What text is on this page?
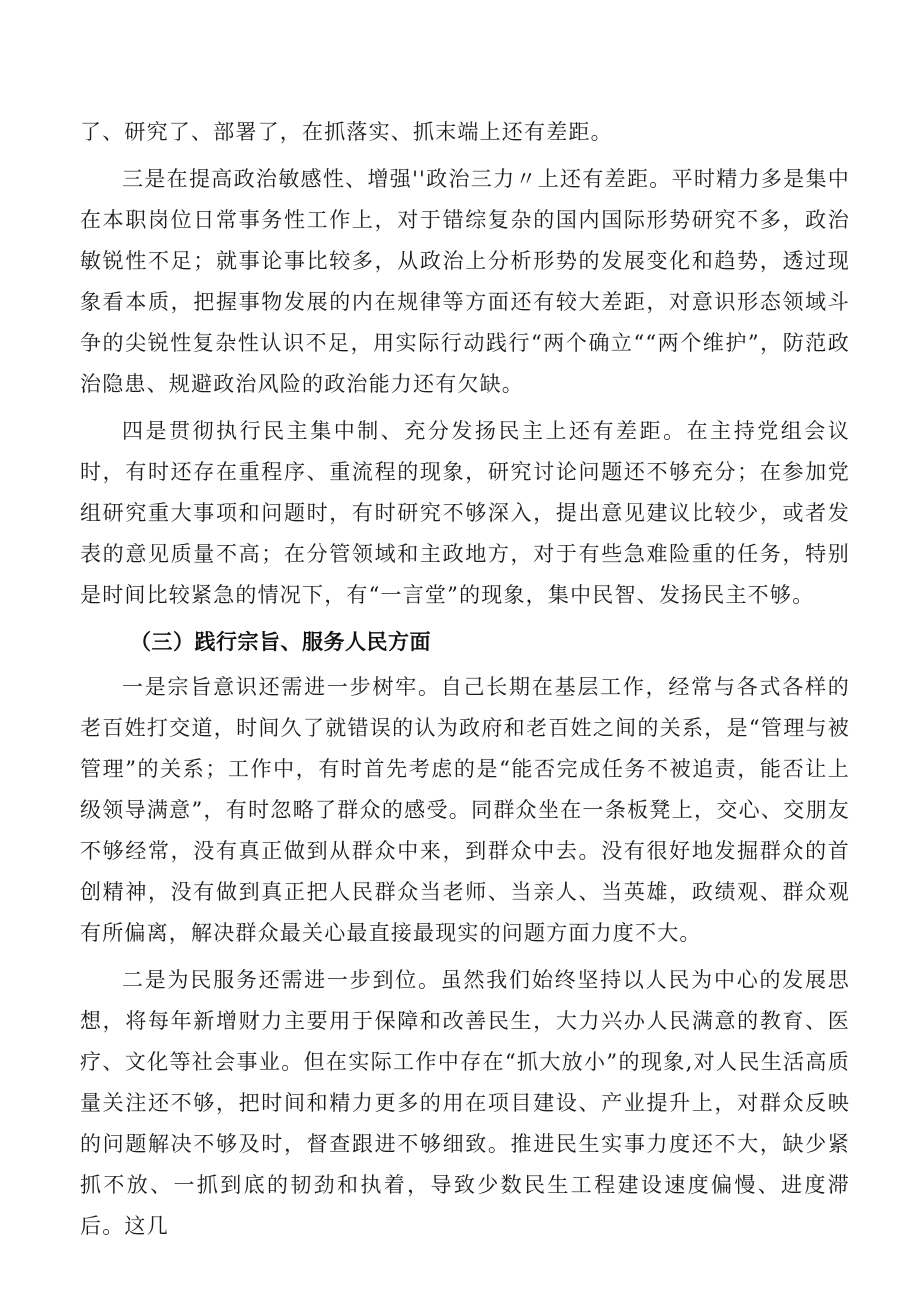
了、研究了、部署了，在抓落实、抓末端上还有差距。

三是在提高政治敏感性、增强''政治三力〃上还有差距。平时精力多是集中在本职岗位日常事务性工作上，对于错综复杂的国内国际形势研究不多，政治敏锐性不足；就事论事比较多，从政治上分析形势的发展变化和趋势，透过现象看本质，把握事物发展的内在规律等方面还有较大差距，对意识形态领域斗争的尖锐性复杂性认识不足，用实际行动践行“两个确立““两个维护”，防范政治隐患、规避政治风险的政治能力还有欠缺。

四是贯彻执行民主集中制、充分发扬民主上还有差距。在主持党组会议时，有时还存在重程序、重流程的现象，研究讨论问题还不够充分；在参加党组研究重大事项和问题时，有时研究不够深入，提出意见建议比较少，或者发表的意见质量不高；在分管领域和主政地方，对于有些急难险重的任务，特别是时间比较紧急的情况下，有“一言堂”的现象，集中民智、发扬民主不够。

（三）践行宗旨、服务人民方面

一是宗旨意识还需进一步树牢。自己长期在基层工作，经常与各式各样的老百姓打交道，时间久了就错误的认为政府和老百姓之间的关系，是“管理与被管理”的关系；工作中，有时首先考虑的是“能否完成任务不被追责，能否让上级领导满意”，有时忽略了群众的感受。同群众坐在一条板凳上，交心、交朋友不够经常，没有真正做到从群众中来，到群众中去。没有很好地发掘群众的首创精神，没有做到真正把人民群众当老师、当亲人、当英雄，政绩观、群众观有所偏离，解决群众最关心最直接最现实的问题方面力度不大。

二是为民服务还需进一步到位。虽然我们始终坚持以人民为中心的发展思想，将每年新增财力主要用于保障和改善民生，大力兴办人民满意的教育、医疗、文化等社会事业。但在实际工作中存在“抓大放小”的现象,对人民生活高质量关注还不够，把时间和精力更多的用在项目建设、产业提升上，对群众反映的问题解决不够及时，督查跟进不够细致。推进民生实事力度还不大，缺少紧抓不放、一抓到底的韧劲和执着，导致少数民生工程建设速度偏慢、进度滞后。这几
